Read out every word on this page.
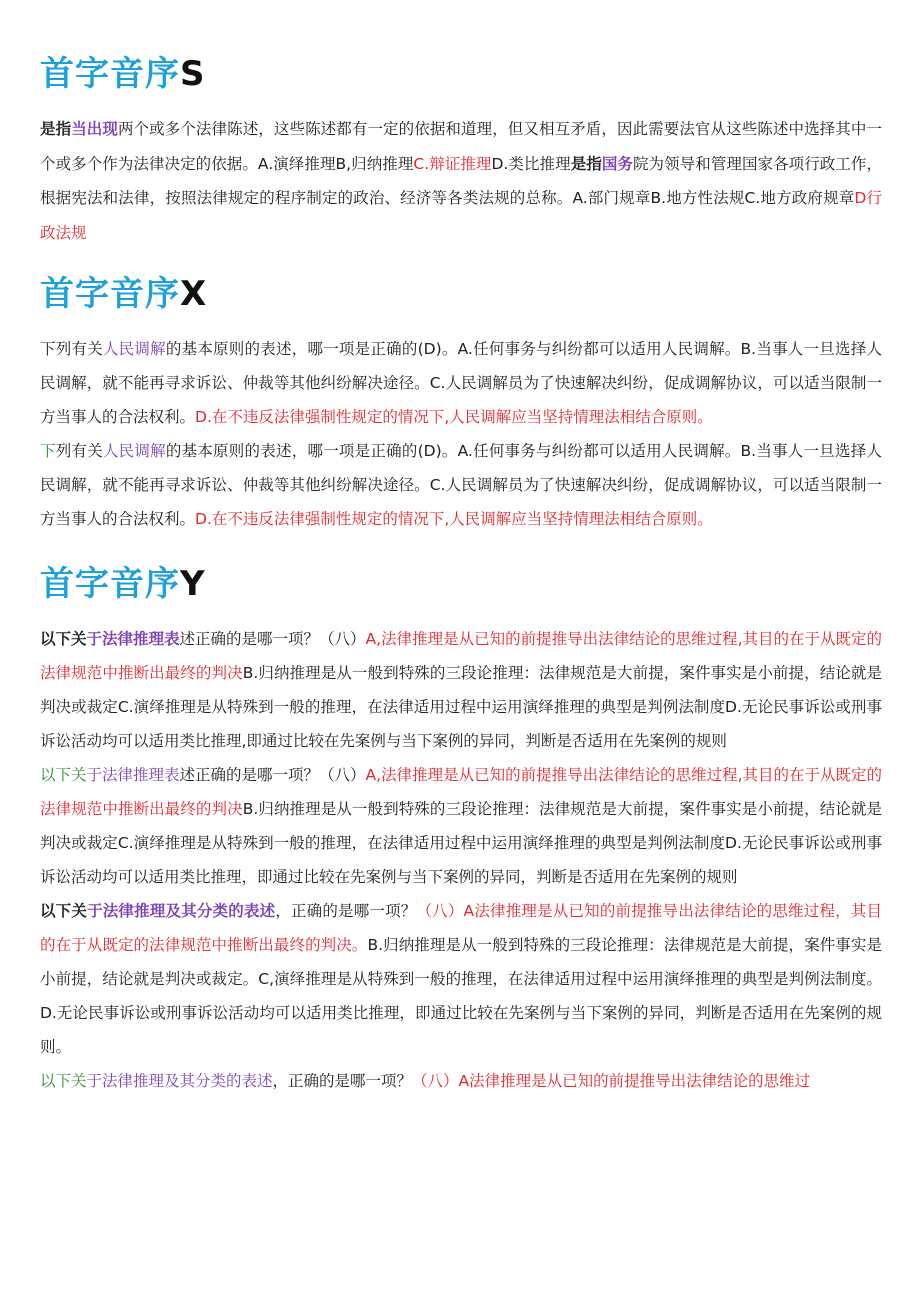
首字音序S

是指当出现两个或多个法律陈述，这些陈述都有一定的依据和道理，但又相互矛盾，因此需要法官从这些陈述中选择其中一个或多个作为法律决定的依据。A.演绎推理B,归纳推理C.辩证推理D.类比推理是指国务院为领导和管理国家各项行政工作，根据宪法和法律，按照法律规定的程序制定的政治、经济等各类法规的总称。A.部门规章B.地方性法规C.地方政府规章D行政法规

首字音序X

下列有关人民调解的基本原则的表述，哪一项是正确的(D)。A.任何事务与纠纷都可以适用人民调解。B.当事人一旦选择人民调解，就不能再寻求诉讼、仲裁等其他纠纷解决途径。C.人民调解员为了快速解决纠纷，促成调解协议，可以适当限制一方当事人的合法权利。D.在不违反法律强制性规定的情况下,人民调解应当坚持情理法相结合原则。

下列有关人民调解的基本原则的表述，哪一项是正确的(D)。A.任何事务与纠纷都可以适用人民调解。B.当事人一旦选择人民调解，就不能再寻求诉讼、仲裁等其他纠纷解决途径。C.人民调解员为了快速解决纠纷，促成调解协议，可以适当限制一方当事人的合法权利。D.在不违反法律强制性规定的情况下,人民调解应当坚持情理法相结合原则。

首字音序Y

以下关于法律推理表述正确的是哪一项？（八）A,法律推理是从已知的前提推导出法律结论的思维过程,其目的在于从既定的法律规范中推断出最终的判决B.归纳推理是从一般到特殊的三段论推理：法律规范是大前提，案件事实是小前提，结论就是判决或裁定C.演绎推理是从特殊到一般的推理，在法律适用过程中运用演绎推理的典型是判例法制度D.无论民事诉讼或刑事诉讼活动均可以适用类比推理,即通过比较在先案例与当下案例的异同，判断是否适用在先案例的规则

以下关于法律推理表述正确的是哪一项？（八）A,法律推理是从已知的前提推导出法律结论的思维过程,其目的在于从既定的法律规范中推断出最终的判决B.归纳推理是从一般到特殊的三段论推理：法律规范是大前提，案件事实是小前提，结论就是判决或裁定C.演绎推理是从特殊到一般的推理，在法律适用过程中运用演绎推理的典型是判例法制度D.无论民事诉讼或刑事诉讼活动均可以适用类比推理，即通过比较在先案例与当下案例的异同，判断是否适用在先案例的规则

以下关于法律推理及其分类的表述，正确的是哪一项？（八）A法律推理是从已知的前提推导出法律结论的思维过程，其目的在于从既定的法律规范中推断出最终的判决。B.归纳推理是从一般到特殊的三段论推理：法律规范是大前提，案件事实是小前提，结论就是判决或裁定。C,演绎推理是从特殊到一般的推理，在法律适用过程中运用演绎推理的典型是判例法制度。D.无论民事诉讼或刑事诉讼活动均可以适用类比推理，即通过比较在先案例与当下案例的异同，判断是否适用在先案例的规则。

以下关于法律推理及其分类的表述，正确的是哪一项？（八）A法律推理是从已知的前提推导出法律结论的思维过
